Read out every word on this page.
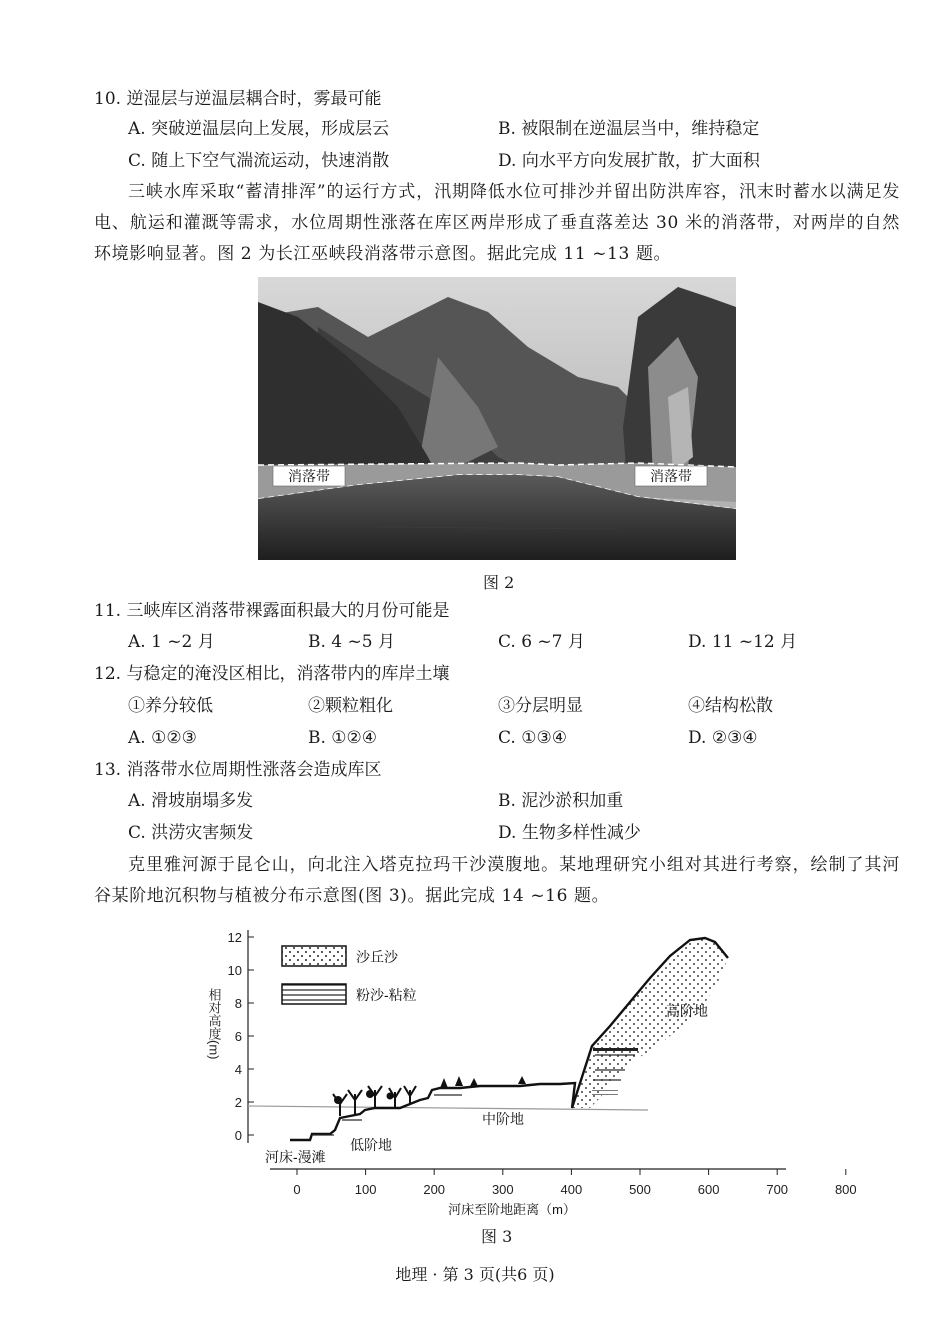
10. 逆湿层与逆温层耦合时，雾最可能
A. 突破逆温层向上发展，形成层云	B. 被限制在逆温层当中，维持稳定
C. 随上下空气湍流运动，快速消散	D. 向水平方向发展扩散，扩大面积
三峡水库采取“蓄清排浑”的运行方式，汛期降低水位可排沙并留出防洪库容，汛末时蓄水以满足发电、航运和灌溉等需求，水位周期性涨落在库区两岸形成了垂直落差达 30 米的消落带，对两岸的自然环境影响显著。图 2 为长江巫峡段消落带示意图。据此完成 11 ~13 题。
消落带	消落带
图 2
11. 三峡库区消落带裸露面积最大的月份可能是
A. 1 ~2 月	B. 4 ~5 月	C. 6 ~7 月	D. 11 ~12 月
12. 与稳定的淹没区相比，消落带内的库岸土壤
①养分较低	②颗粒粗化	③分层明显	④结构松散
A. ①②③	B. ①②④	C. ①③④	D. ②③④
13. 消落带水位周期性涨落会造成库区
A. 滑坡崩塌多发	B. 泥沙淤积加重
C. 洪涝灾害频发	D. 生物多样性减少
克里雅河源于昆仑山，向北注入塔克拉玛干沙漠腹地。某地理研究小组对其进行考察，绘制了其河谷某阶地沉积物与植被分布示意图(图 3)。据此完成 14 ~16 题。
0
2
4
6
8
10
12
0	100	200	300	400	500	600	700	800
相对高度(m)	高阶地
中阶地
低阶地
河床-漫滩
沙丘沙
粉沙-粘粒
河床至阶地距离（m）
图 3
地理 · 第 3 页(共6 页)
